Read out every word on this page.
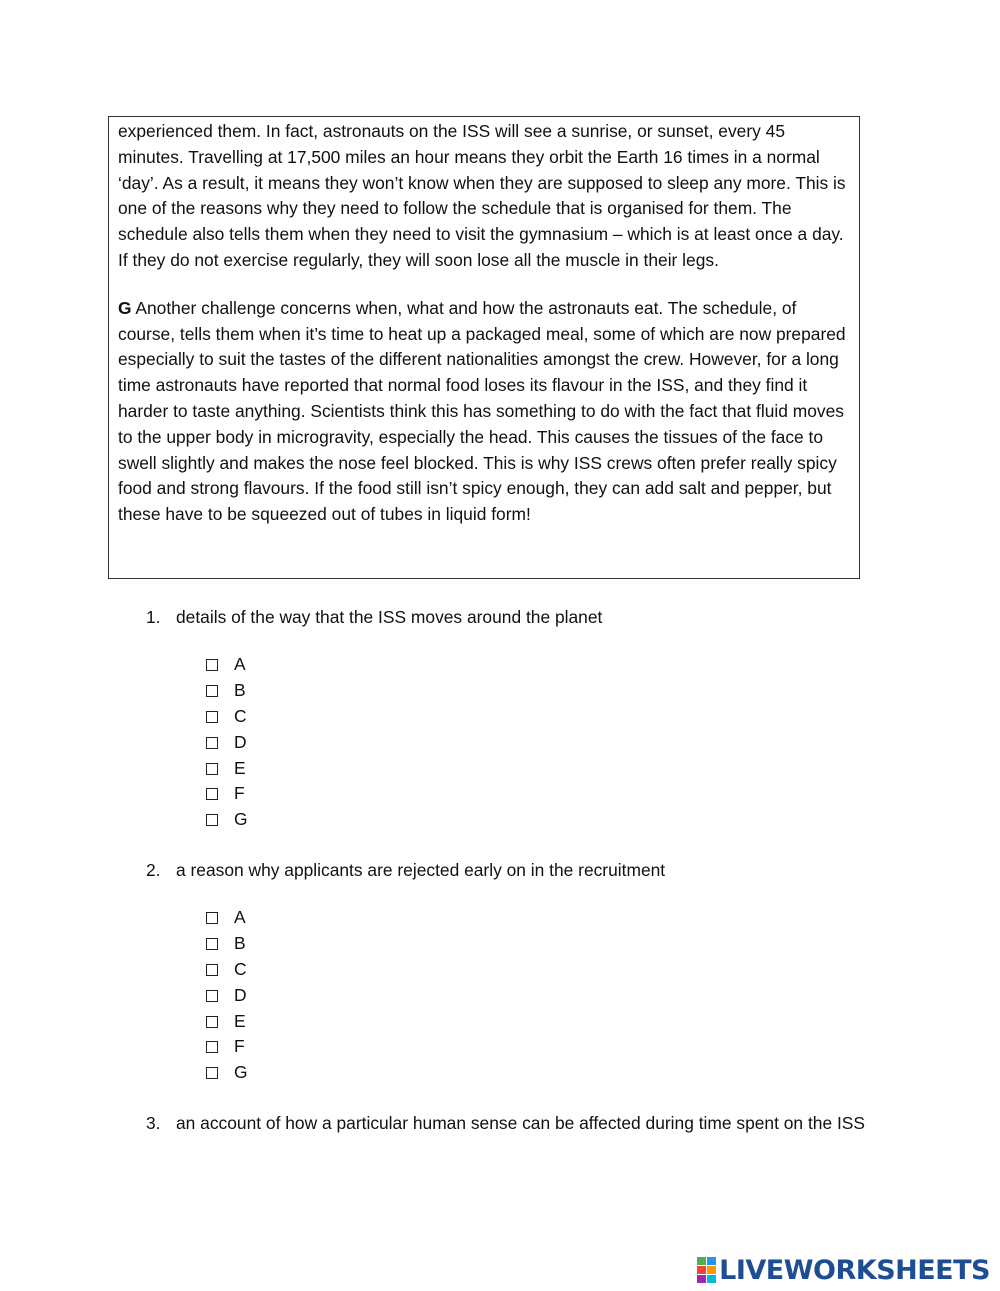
experienced them. In fact, astronauts on the ISS will see a sunrise, or sunset, every 45 minutes. Travelling at 17,500 miles an hour means they orbit the Earth 16 times in a normal ‘day’. As a result, it means they won’t know when they are supposed to sleep any more. This is one of the reasons why they need to follow the schedule that is organised for them. The schedule also tells them when they need to visit the gymnasium – which is at least once a day. If they do not exercise regularly, they will soon lose all the muscle in their legs.

G Another challenge concerns when, what and how the astronauts eat. The schedule, of course, tells them when it’s time to heat up a packaged meal, some of which are now prepared especially to suit the tastes of the different nationalities amongst the crew. However, for a long time astronauts have reported that normal food loses its flavour in the ISS, and they find it harder to taste anything. Scientists think this has something to do with the fact that fluid moves to the upper body in microgravity, especially the head. This causes the tissues of the face to swell slightly and makes the nose feel blocked. This is why ISS crews often prefer really spicy food and strong flavours. If the food still isn’t spicy enough, they can add salt and pepper, but these have to be squeezed out of tubes in liquid form!

1. details of the way that the ISS moves around the planet
A
B
C
D
E
F
G
2. a reason why applicants are rejected early on in the recruitment
A
B
C
D
E
F
G
3. an account of how a particular human sense can be affected during time spent on the ISS
LIVEWORKSHEETS
